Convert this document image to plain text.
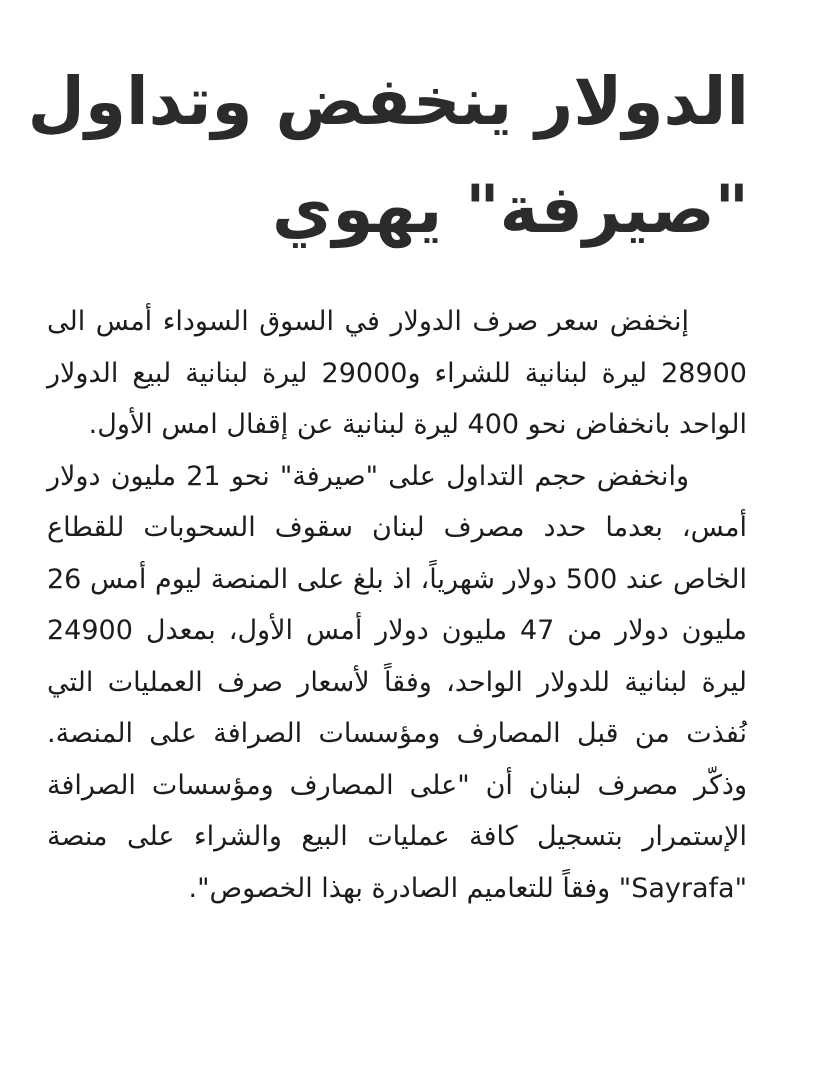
الدولار ينخفض وتداول
"صيرفة" يهوي

إنخفض سعر صرف الدولار في السوق السوداء أمس الى 28900 ليرة لبنانية للشراء و29000 ليرة لبنانية لبيع الدولار الواحد بانخفاض نحو 400 ليرة لبنانية عن إقفال امس الأول.

وانخفض حجم التداول على "صيرفة" نحو 21 مليون دولار أمس، بعدما حدد مصرف لبنان سقوف السحوبات للقطاع الخاص عند 500 دولار شهرياً، اذ بلغ على المنصة ليوم أمس 26 مليون دولار من 47 مليون دولار أمس الأول، بمعدل 24900 ليرة لبنانية للدولار الواحد، وفقاً لأسعار صرف العمليات التي نُفذت من قبل المصارف ومؤسسات الصرافة على المنصة. وذكّر مصرف لبنان أن "على المصارف ومؤسسات الصرافة الإستمرار بتسجيل كافة عمليات البيع والشراء على منصة "Sayrafa" وفقاً للتعاميم الصادرة بهذا الخصوص".
